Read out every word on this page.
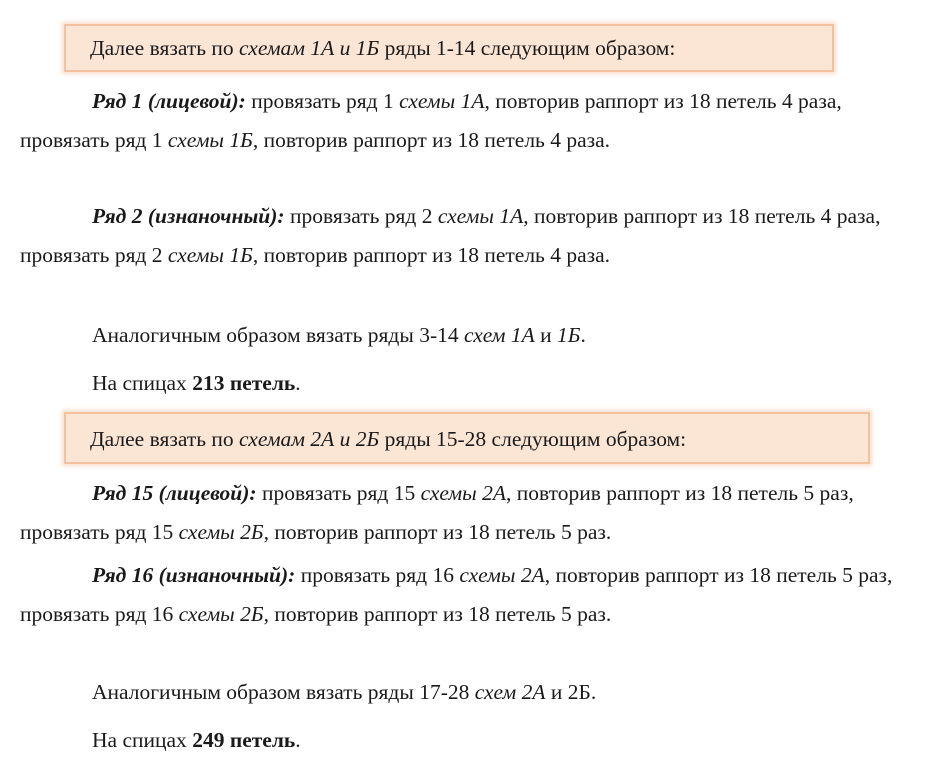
Далее вязать по схемам 1А и 1Б ряды 1-14 следующим образом:

Ряд 1 (лицевой): провязать ряд 1 схемы 1А, повторив раппорт из 18 петель 4 раза, провязать ряд 1 схемы 1Б, повторив раппорт из 18 петель 4 раза.

Ряд 2 (изнаночный): провязать ряд 2 схемы 1А, повторив раппорт из 18 петель 4 раза, провязать ряд 2 схемы 1Б, повторив раппорт из 18 петель 4 раза.

Аналогичным образом вязать ряды 3-14 схем 1А и 1Б.

На спицах 213 петель.

Далее вязать по схемам 2А и 2Б ряды 15-28 следующим образом:

Ряд 15 (лицевой): провязать ряд 15 схемы 2А, повторив раппорт из 18 петель 5 раз, провязать ряд 15 схемы 2Б, повторив раппорт из 18 петель 5 раз.

Ряд 16 (изнаночный): провязать ряд 16 схемы 2А, повторив раппорт из 18 петель 5 раз, провязать ряд 16 схемы 2Б, повторив раппорт из 18 петель 5 раз.

Аналогичным образом вязать ряды 17-28 схем 2А и 2Б.

На спицах 249 петель.
